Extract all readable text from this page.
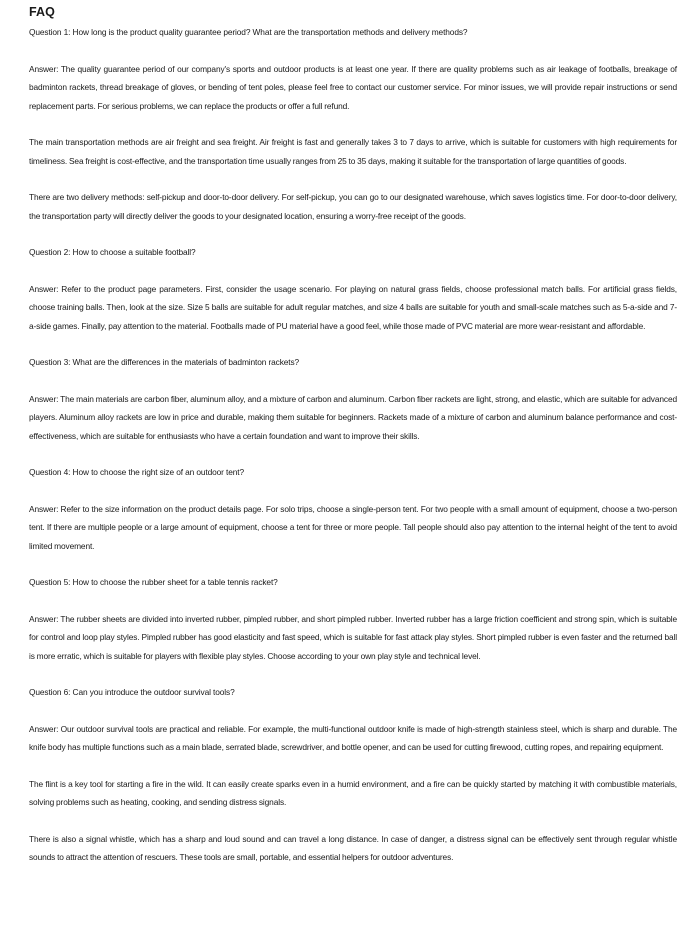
FAQ
Question 1: How long is the product quality guarantee period? What are the transportation methods and delivery methods?
Answer: The quality guarantee period of our company's sports and outdoor products is at least one year. If there are quality problems such as air leakage of footballs, breakage of badminton rackets, thread breakage of gloves, or bending of tent poles, please feel free to contact our customer service. For minor issues, we will provide repair instructions or send replacement parts. For serious problems, we can replace the products or offer a full refund.
The main transportation methods are air freight and sea freight. Air freight is fast and generally takes 3 to 7 days to arrive, which is suitable for customers with high requirements for timeliness. Sea freight is cost-effective, and the transportation time usually ranges from 25 to 35 days, making it suitable for the transportation of large quantities of goods.
There are two delivery methods: self-pickup and door-to-door delivery. For self-pickup, you can go to our designated warehouse, which saves logistics time. For door-to-door delivery, the transportation party will directly deliver the goods to your designated location, ensuring a worry-free receipt of the goods.
Question 2: How to choose a suitable football?
Answer: Refer to the product page parameters. First, consider the usage scenario. For playing on natural grass fields, choose professional match balls. For artificial grass fields, choose training balls. Then, look at the size. Size 5 balls are suitable for adult regular matches, and size 4 balls are suitable for youth and small-scale matches such as 5-a-side and 7-a-side games. Finally, pay attention to the material. Footballs made of PU material have a good feel, while those made of PVC material are more wear-resistant and affordable.
Question 3: What are the differences in the materials of badminton rackets?
Answer: The main materials are carbon fiber, aluminum alloy, and a mixture of carbon and aluminum. Carbon fiber rackets are light, strong, and elastic, which are suitable for advanced players. Aluminum alloy rackets are low in price and durable, making them suitable for beginners. Rackets made of a mixture of carbon and aluminum balance performance and cost-effectiveness, which are suitable for enthusiasts who have a certain foundation and want to improve their skills.
Question 4: How to choose the right size of an outdoor tent?
Answer: Refer to the size information on the product details page. For solo trips, choose a single-person tent. For two people with a small amount of equipment, choose a two-person tent. If there are multiple people or a large amount of equipment, choose a tent for three or more people. Tall people should also pay attention to the internal height of the tent to avoid limited movement.
Question 5: How to choose the rubber sheet for a table tennis racket?
Answer: The rubber sheets are divided into inverted rubber, pimpled rubber, and short pimpled rubber. Inverted rubber has a large friction coefficient and strong spin, which is suitable for control and loop play styles. Pimpled rubber has good elasticity and fast speed, which is suitable for fast attack play styles. Short pimpled rubber is even faster and the returned ball is more erratic, which is suitable for players with flexible play styles. Choose according to your own play style and technical level.
Question 6: Can you introduce the outdoor survival tools?
Answer: Our outdoor survival tools are practical and reliable. For example, the multi-functional outdoor knife is made of high-strength stainless steel, which is sharp and durable. The knife body has multiple functions such as a main blade, serrated blade, screwdriver, and bottle opener, and can be used for cutting firewood, cutting ropes, and repairing equipment.
The flint is a key tool for starting a fire in the wild. It can easily create sparks even in a humid environment, and a fire can be quickly started by matching it with combustible materials, solving problems such as heating, cooking, and sending distress signals.
There is also a signal whistle, which has a sharp and loud sound and can travel a long distance. In case of danger, a distress signal can be effectively sent through regular whistle sounds to attract the attention of rescuers. These tools are small, portable, and essential helpers for outdoor adventures.
